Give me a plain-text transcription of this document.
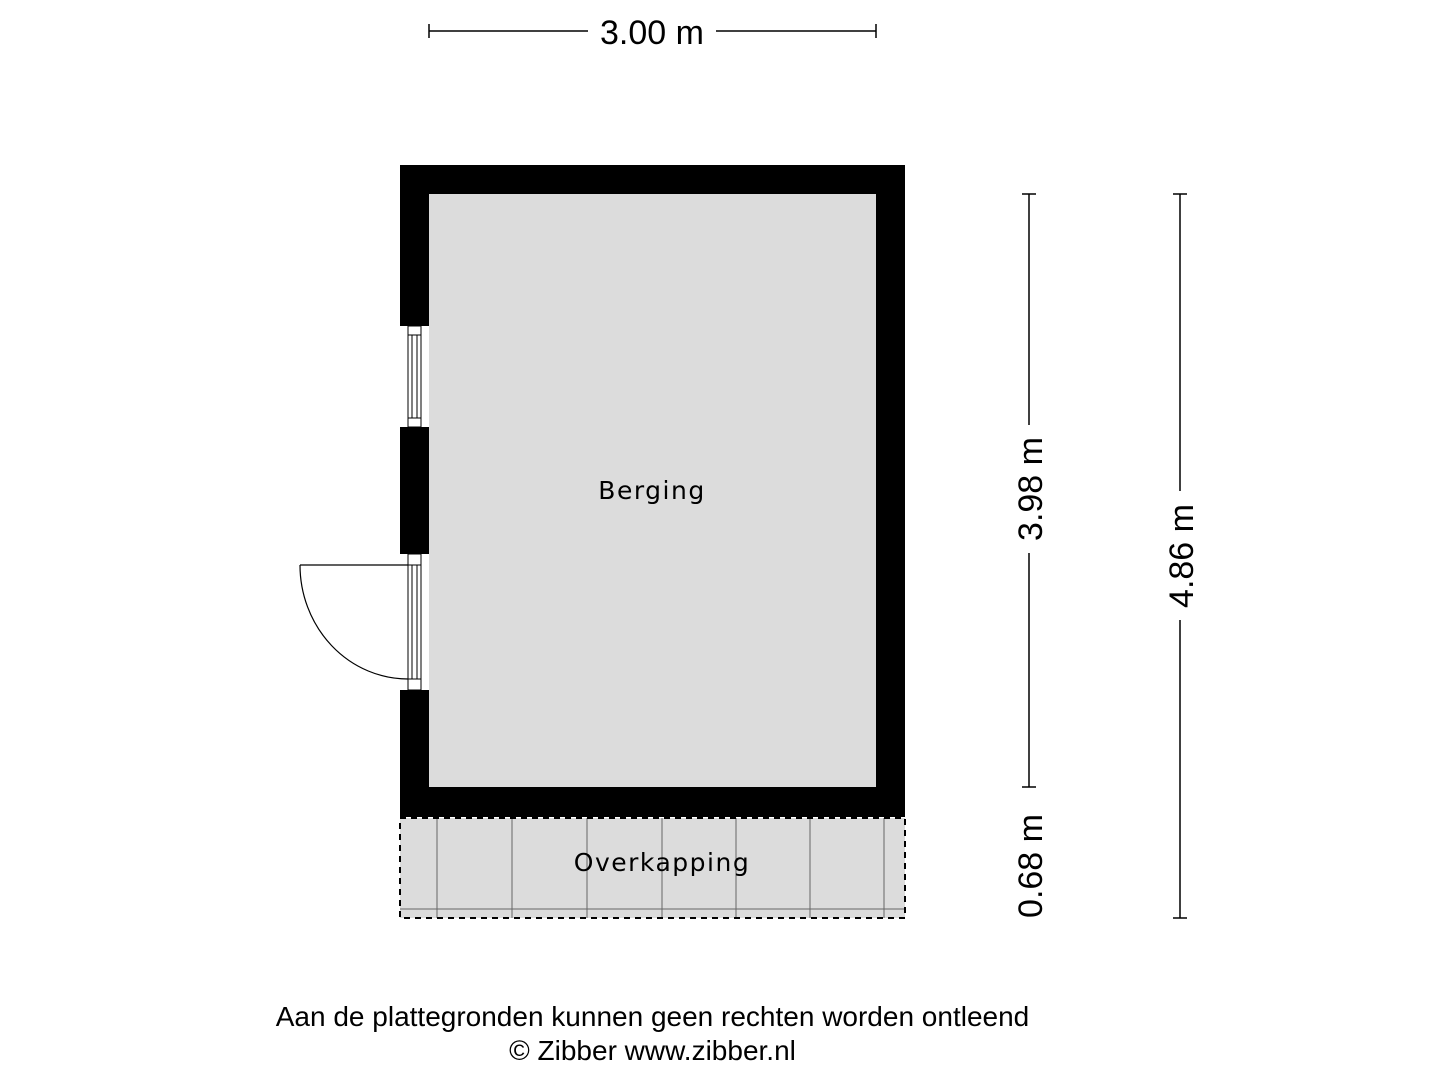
3.00 m
Overkapping
Berging	3.98 m
0.68 m
4.86 m
Aan de plattegronden kunnen geen rechten worden ontleend
© Zibber www.zibber.nl
